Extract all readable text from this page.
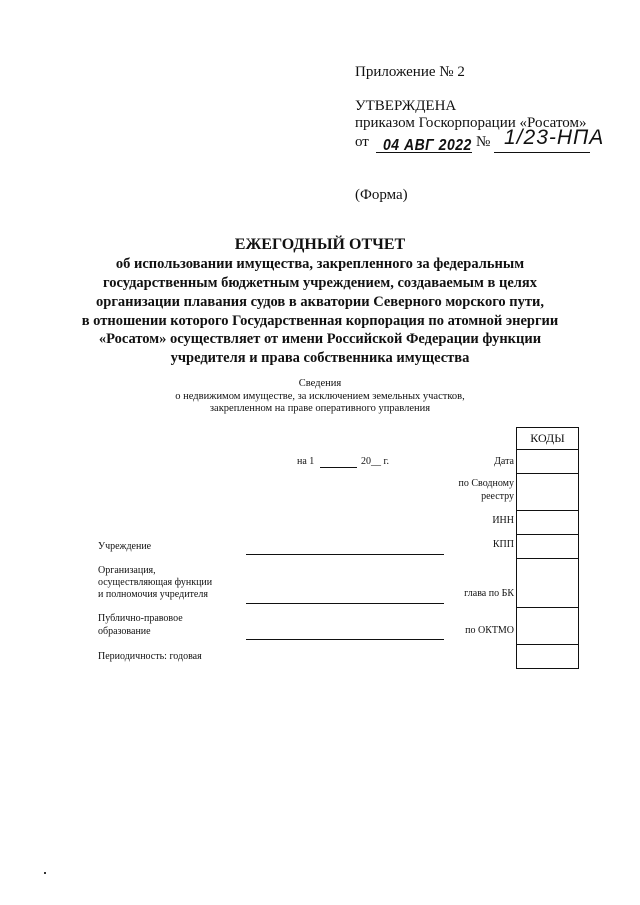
Приложение № 2
УТВЕРЖДЕНА
приказом Госкорпорации «Росатом»
от 04 АВГ 2022 № 1/23-НПА
(Форма)
ЕЖЕГОДНЫЙ ОТЧЕТ
об использовании имущества, закрепленного за федеральным
государственным бюджетным учреждением, создаваемым в целях
организации плавания судов в акватории Северного морского пути,
в отношении которого Государственная корпорация по атомной энергии
«Росатом» осуществляет от имени Российской Федерации функции
учредителя и права собственника имущества
Сведения
о недвижимом имуществе, за исключением земельных участков,
закрепленном на праве оперативного управления
на 1	20__ г.
КОДЫ
Дата
по Сводному
реестру
ИНН
КПП
глава по БК
по ОКТМО
Учреждение
Организация,
осуществляющая функции
и полномочия учредителя
Публично-правовое
образование
Периодичность: годовая
